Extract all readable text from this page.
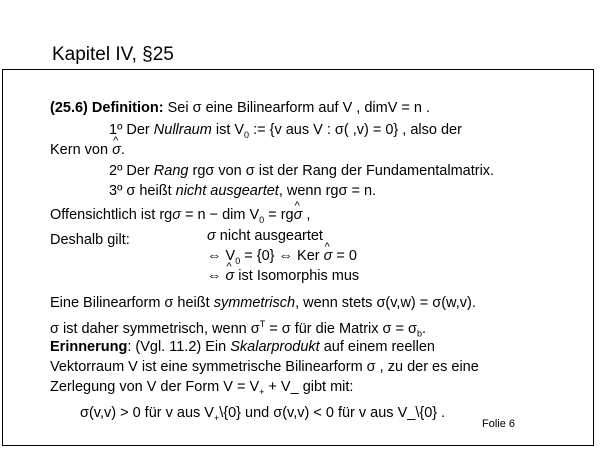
Kapitel IV, §25
(25.6) Definition: Sei σ eine Bilinearform auf V , dimV = n .
1º Der Nullraum ist $V_0$ := {v aus V : σ( ,v) = 0} , also der
Kern von ^ σ.
2º Der Rang rgσ von σ ist der Rang der Fundamentalmatrix.
3º σ heißt nicht ausgeartet, wenn rgσ = n.
Offensichtlich ist rgσ = n − dim $V_0$ = rg^ σ ,
Deshalb gilt:	σ nicht ausgeartet
⇔ $V_0 = \{0\}$ ⇔ Ker ^ σ = 0
⇔ ^ σ ist Isomorphis mus
Eine Bilinearform σ heißt symmetrisch, wenn stets σ(v,w) = σ(w,v).
σ ist daher symmetrisch, wenn $\sigma^T = \sigma$ für die Matrix $\sigma = \sigma_b$.
Erinnerung: (Vgl. 11.2) Ein Skalarprodukt auf einem reellen
Vektorraum V ist eine symmetrische Bilinearform σ , zu der es eine
Zerlegung von V der Form $V = V_+$ + V_ gibt mit:
σ(v,v) > 0 für v aus $V_+\backslash\{0\}$ und σ(v,v) < 0 für v aus V_\{0} .
Folie 6
